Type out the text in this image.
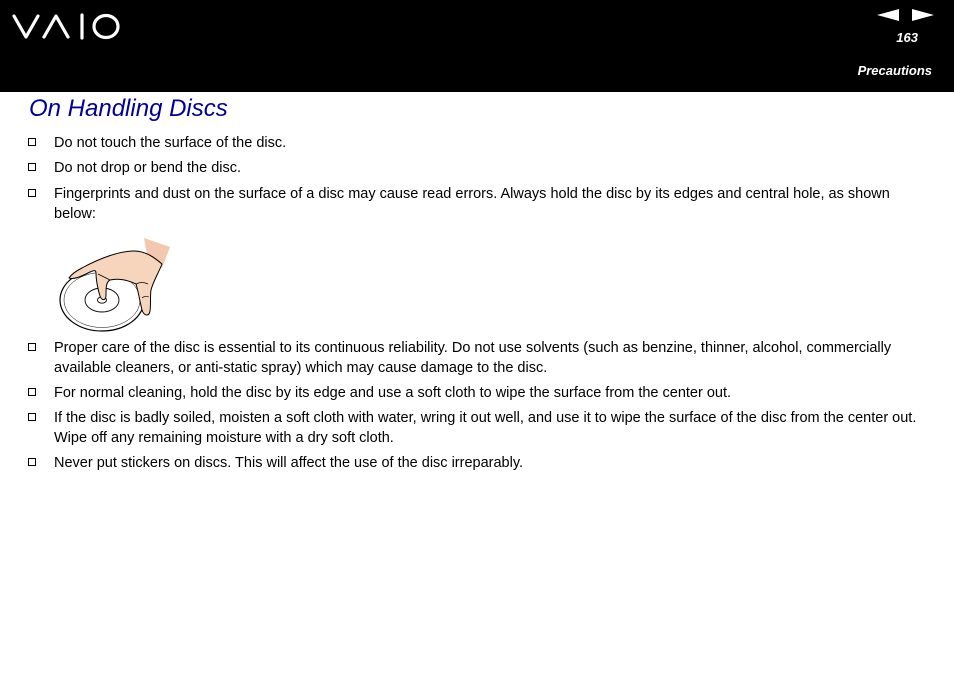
163
Precautions
On Handling Discs
Do not touch the surface of the disc.
Do not drop or bend the disc.
Fingerprints and dust on the surface of a disc may cause read errors. Always hold the disc by its edges and central hole, as shown below:
Proper care of the disc is essential to its continuous reliability. Do not use solvents (such as benzine, thinner, alcohol, commercially available cleaners, or anti-static spray) which may cause damage to the disc.
For normal cleaning, hold the disc by its edge and use a soft cloth to wipe the surface from the center out.
If the disc is badly soiled, moisten a soft cloth with water, wring it out well, and use it to wipe the surface of the disc from the center out. Wipe off any remaining moisture with a dry soft cloth.
Never put stickers on discs. This will affect the use of the disc irreparably.
